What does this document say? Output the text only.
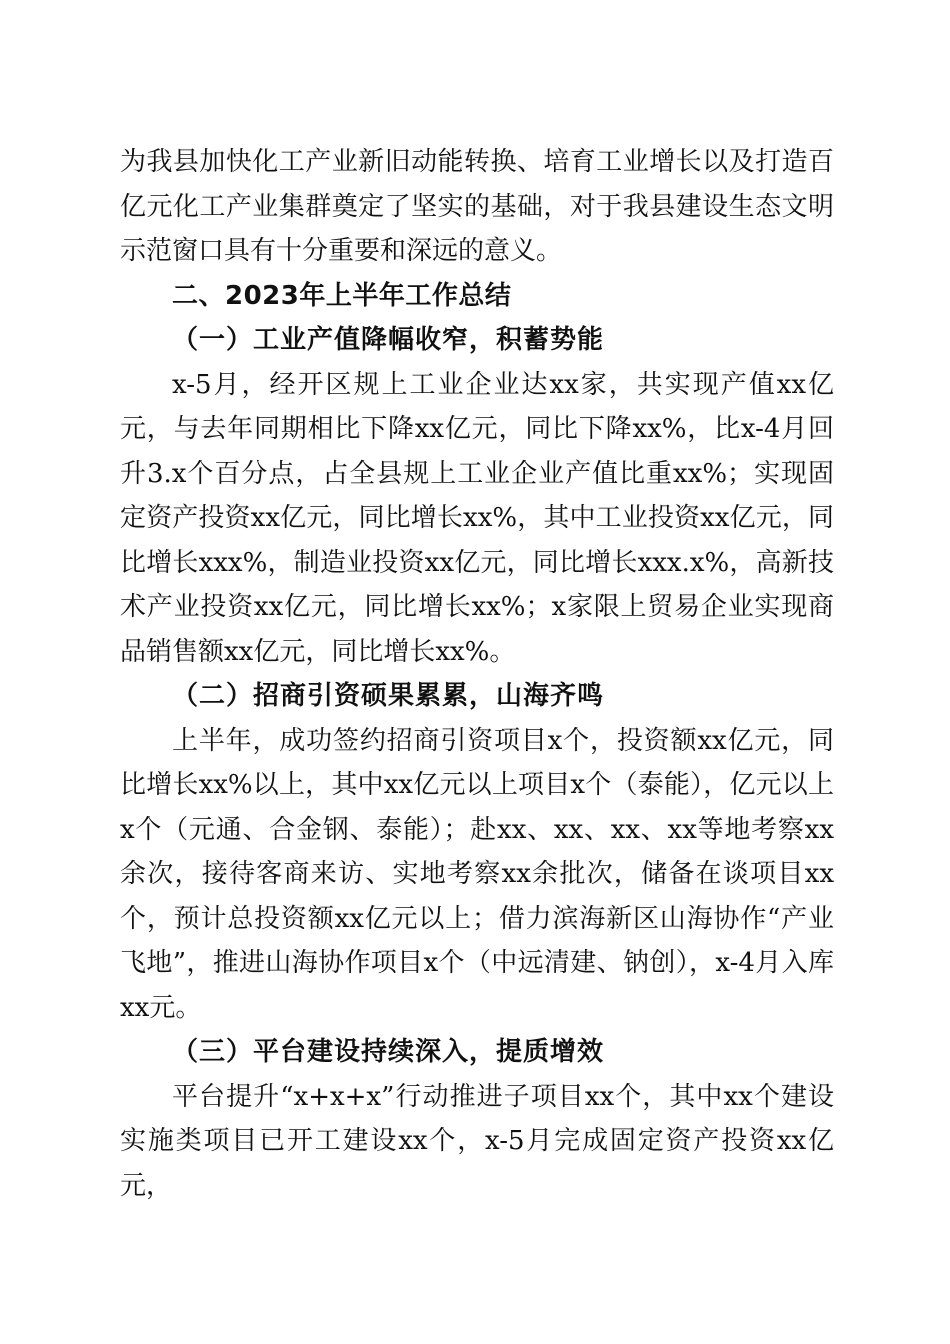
为我县加快化工产业新旧动能转换、培育工业增长以及打造百亿元化工产业集群奠定了坚实的基础，对于我县建设生态文明示范窗口具有十分重要和深远的意义。

二、2023年上半年工作总结

（一）工业产值降幅收窄，积蓄势能

x-5月，经开区规上工业企业达xx家，共实现产值xx亿元，与去年同期相比下降xx亿元，同比下降xx%，比x-4月回升3.x个百分点，占全县规上工业企业产值比重xx%；实现固定资产投资xx亿元，同比增长xx%，其中工业投资xx亿元，同比增长xxx%，制造业投资xx亿元，同比增长xxx.x%，高新技术产业投资xx亿元，同比增长xx%；x家限上贸易企业实现商品销售额xx亿元，同比增长xx%。

（二）招商引资硕果累累，山海齐鸣

上半年，成功签约招商引资项目x个，投资额xx亿元，同比增长xx%以上，其中xx亿元以上项目x个（泰能），亿元以上x个（元通、合金钢、泰能）；赴xx、xx、xx、xx等地考察xx余次，接待客商来访、实地考察xx余批次，储备在谈项目xx个，预计总投资额xx亿元以上；借力滨海新区山海协作“产业飞地”，推进山海协作项目x个（中远清建、钠创），x-4月入库xx元。

（三）平台建设持续深入，提质增效

平台提升“x+x+x”行动推进子项目xx个，其中xx个建设实施类项目已开工建设xx个，x-5月完成固定资产投资xx亿元，
